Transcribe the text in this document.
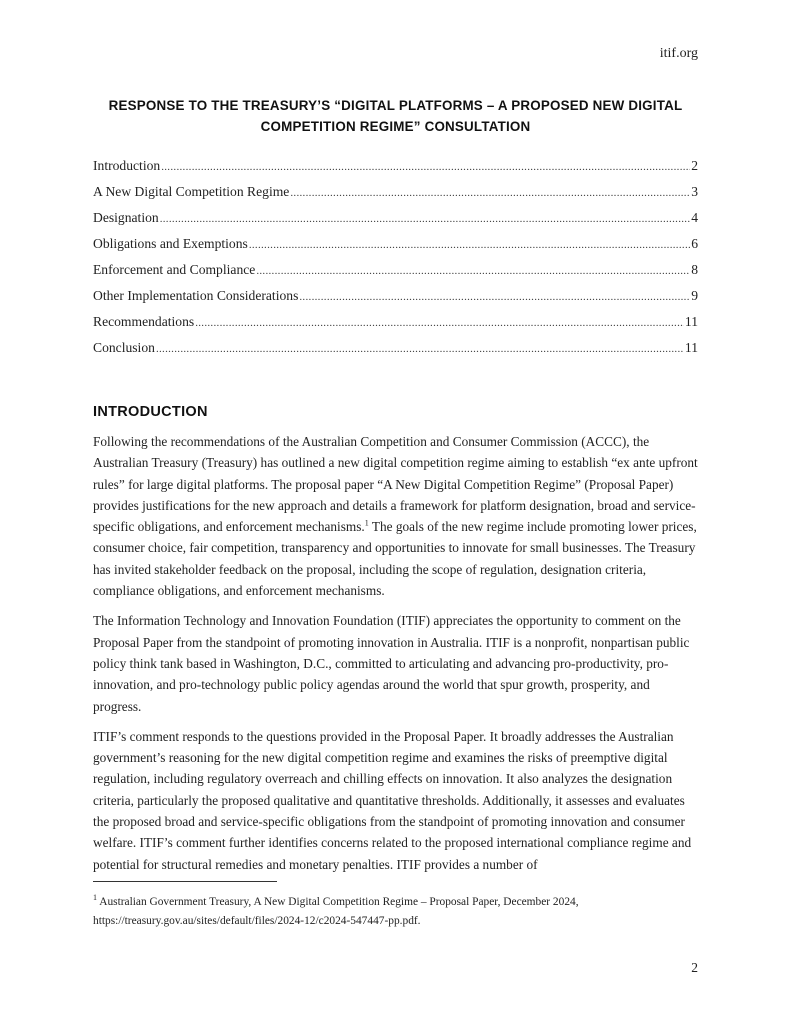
itif.org
RESPONSE TO THE TREASURY’S “DIGITAL PLATFORMS – A PROPOSED NEW DIGITAL
COMPETITION REGIME” CONSULTATION
Introduction .....	2
A New Digital Competition Regime .....	3
Designation .....	4
Obligations and Exemptions .....	6
Enforcement and Compliance .....	8
Other Implementation Considerations .....	9
Recommendations .....	11
Conclusion .....	11
INTRODUCTION

Following the recommendations of the Australian Competition and Consumer Commission (ACCC), the Australian Treasury (Treasury) has outlined a new digital competition regime aiming to establish “ex ante upfront rules” for large digital platforms. The proposal paper “A New Digital Competition Regime” (Proposal Paper) provides justifications for the new approach and details a framework for platform designation, broad and service-specific obligations, and enforcement mechanisms.$^1$ The goals of the new regime include promoting lower prices, consumer choice, fair competition, transparency and opportunities to innovate for small businesses. The Treasury has invited stakeholder feedback on the proposal, including the scope of regulation, designation criteria, compliance obligations, and enforcement mechanisms.

The Information Technology and Innovation Foundation (ITIF) appreciates the opportunity to comment on the Proposal Paper from the standpoint of promoting innovation in Australia. ITIF is a nonprofit, nonpartisan public policy think tank based in Washington, D.C., committed to articulating and advancing pro-productivity, pro-innovation, and pro-technology public policy agendas around the world that spur growth, prosperity, and progress.

ITIF’s comment responds to the questions provided in the Proposal Paper. It broadly addresses the Australian government’s reasoning for the new digital competition regime and examines the risks of preemptive digital regulation, including regulatory overreach and chilling effects on innovation. It also analyzes the designation criteria, particularly the proposed qualitative and quantitative thresholds. Additionally, it assesses and evaluates the proposed broad and service-specific obligations from the standpoint of promoting innovation and consumer welfare. ITIF’s comment further identifies concerns related to the proposed international compliance regime and potential for structural remedies and monetary penalties. ITIF provides a number of

$^1$ Australian Government Treasury, A New Digital Competition Regime – Proposal Paper, December 2024, https://treasury.gov.au/sites/default/files/2024-12/c2024-547447-pp.pdf.
2
